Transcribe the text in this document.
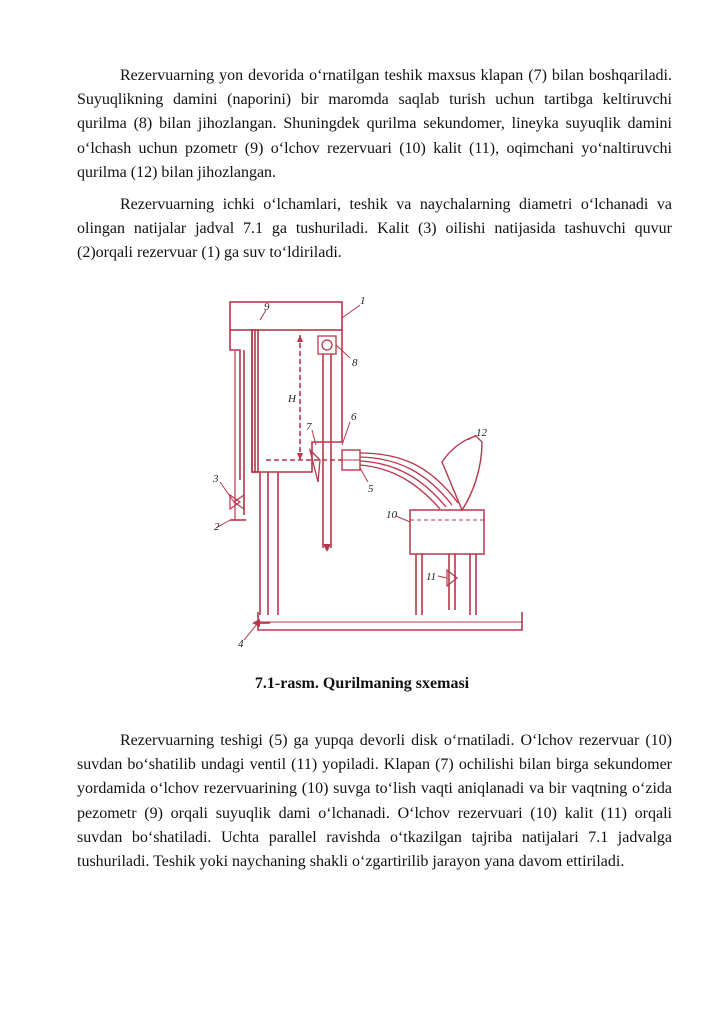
Rezervuarning yon devorida oʻrnatilgan teshik maxsus klapan (7) bilan boshqariladi. Suyuqlikning damini (naporini) bir maromda saqlab turish uchun tartibga keltiruvchi qurilma (8) bilan jihozlangan. Shuningdek qurilma sekundomer, lineyka suyuqlik damini oʻlchash uchun pzometr (9) oʻlchov rezervuari (10) kalit (11), oqimchani yoʻnaltiruvchi qurilma (12) bilan jihozlangan.

Rezervuarning ichki oʻlchamlari, teshik va naychalarning diametri oʻlchanadi va olingan natijalar jadval 7.1 ga tushuriladi. Kalit (3) oilishi natijasida tashuvchi quvur (2)orqali rezervuar (1) ga suv toʻldiriladi.

1
2
3
4
5
6
7
8
9
10
11
12
H
7.1-rasm. Qurilmaning sxemasi

Rezervuarning teshigi (5) ga yupqa devorli disk oʻrnatiladi. Oʻlchov rezervuar (10) suvdan boʻshatilib undagi ventil (11) yopiladi. Klapan (7) ochilishi bilan birga sekundomer yordamida oʻlchov rezervuarining (10) suvga toʻlish vaqti aniqlanadi va bir vaqtning oʻzida pezometr (9) orqali suyuqlik dami oʻlchanadi. Oʻlchov rezervuari (10) kalit (11) orqali suvdan boʻshatiladi. Uchta parallel ravishda oʻtkazilgan tajriba natijalari 7.1 jadvalga tushuriladi. Teshik yoki naychaning shakli oʻzgartirilib jarayon yana davom ettiriladi.
